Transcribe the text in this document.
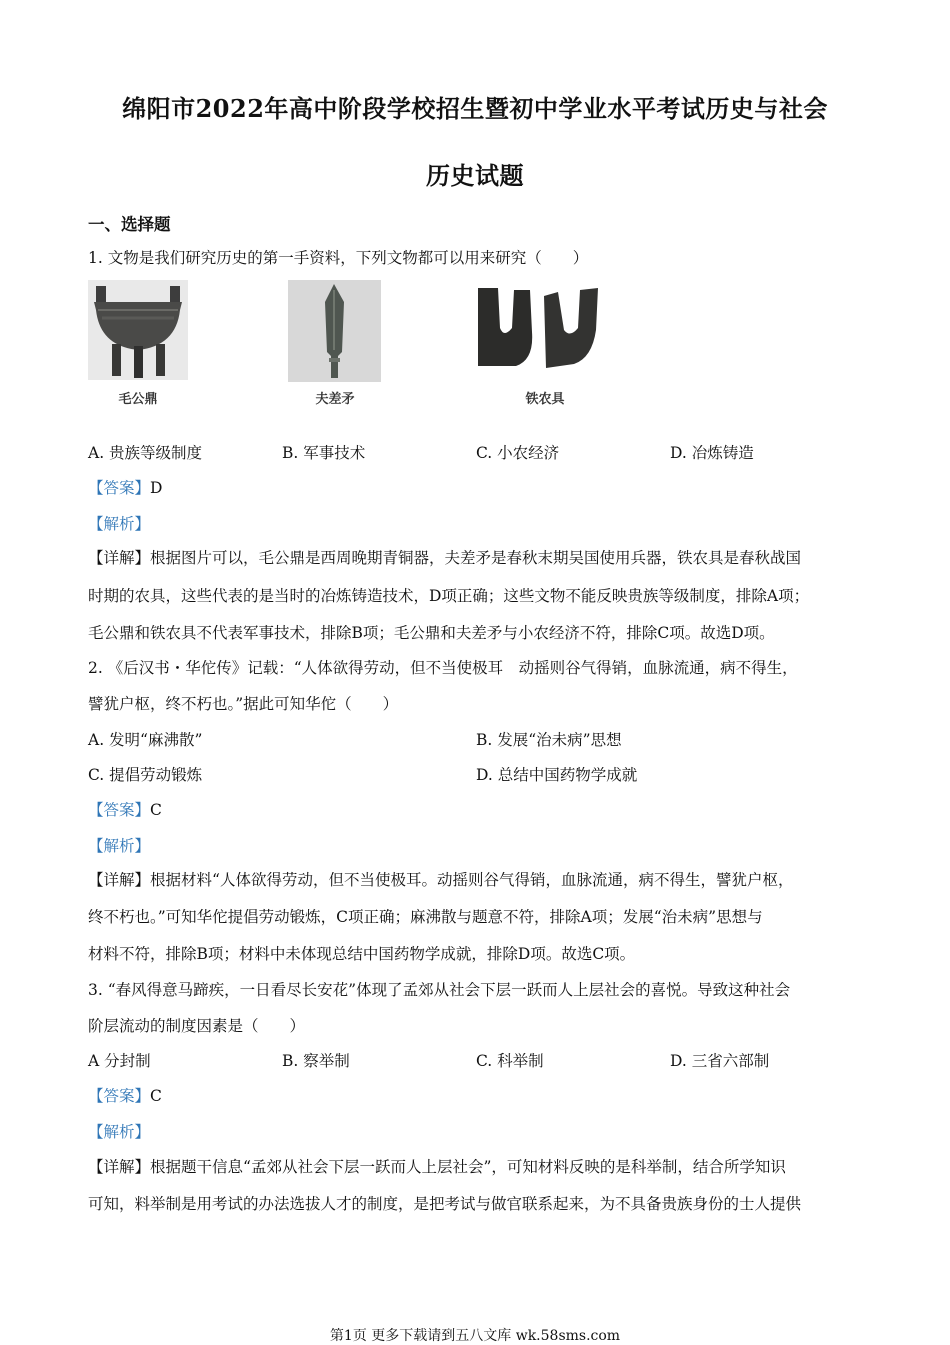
绵阳市2022年高中阶段学校招生暨初中学业水平考试历史与社会
历史试题
一、选择题
1. 文物是我们研究历史的第一手资料，下列文物都可以用来研究（　　）
毛公鼎	夫差矛	铁农具
A. 贵族等级制度	B. 军事技术	C. 小农经济	D. 冶炼铸造
【答案】D
【解析】
【详解】根据图片可以，毛公鼎是西周晚期青铜器，夫差矛是春秋末期吴国使用兵器，铁农具是春秋战国
时期的农具，这些代表的是当时的冶炼铸造技术，D项正确；这些文物不能反映贵族等级制度，排除A项；
毛公鼎和铁农具不代表军事技术，排除B项；毛公鼎和夫差矛与小农经济不符，排除C项。故选D项。
2. 《后汉书・华佗传》记载：“人体欲得劳动，但不当使极耳　动摇则谷气得销，血脉流通，病不得生，
譬犹户枢，终不朽也。”据此可知华佗（　　）
A. 发明“麻沸散”	B. 发展“治未病”思想
C. 提倡劳动锻炼	D. 总结中国药物学成就
【答案】C
【解析】
【详解】根据材料“人体欲得劳动，但不当使极耳。动摇则谷气得销，血脉流通，病不得生，譬犹户枢，
终不朽也。”可知华佗提倡劳动锻炼，C项正确；麻沸散与题意不符，排除A项；发展“治未病”思想与
材料不符，排除B项；材料中未体现总结中国药物学成就，排除D项。故选C项。
3. “春风得意马蹄疾，一日看尽长安花”体现了孟郊从社会下层一跃而人上层社会的喜悦。导致这种社会
阶层流动的制度因素是（　　）
A 分封制	B. 察举制	C. 科举制	D. 三省六部制
【答案】C
【解析】
【详解】根据题干信息“孟郊从社会下层一跃而人上层社会”，可知材料反映的是科举制，结合所学知识
可知，料举制是用考试的办法选拔人才的制度，是把考试与做官联系起来，为不具备贵族身份的士人提供
第1页 更多下载请到五八文库 wk.58sms.com
